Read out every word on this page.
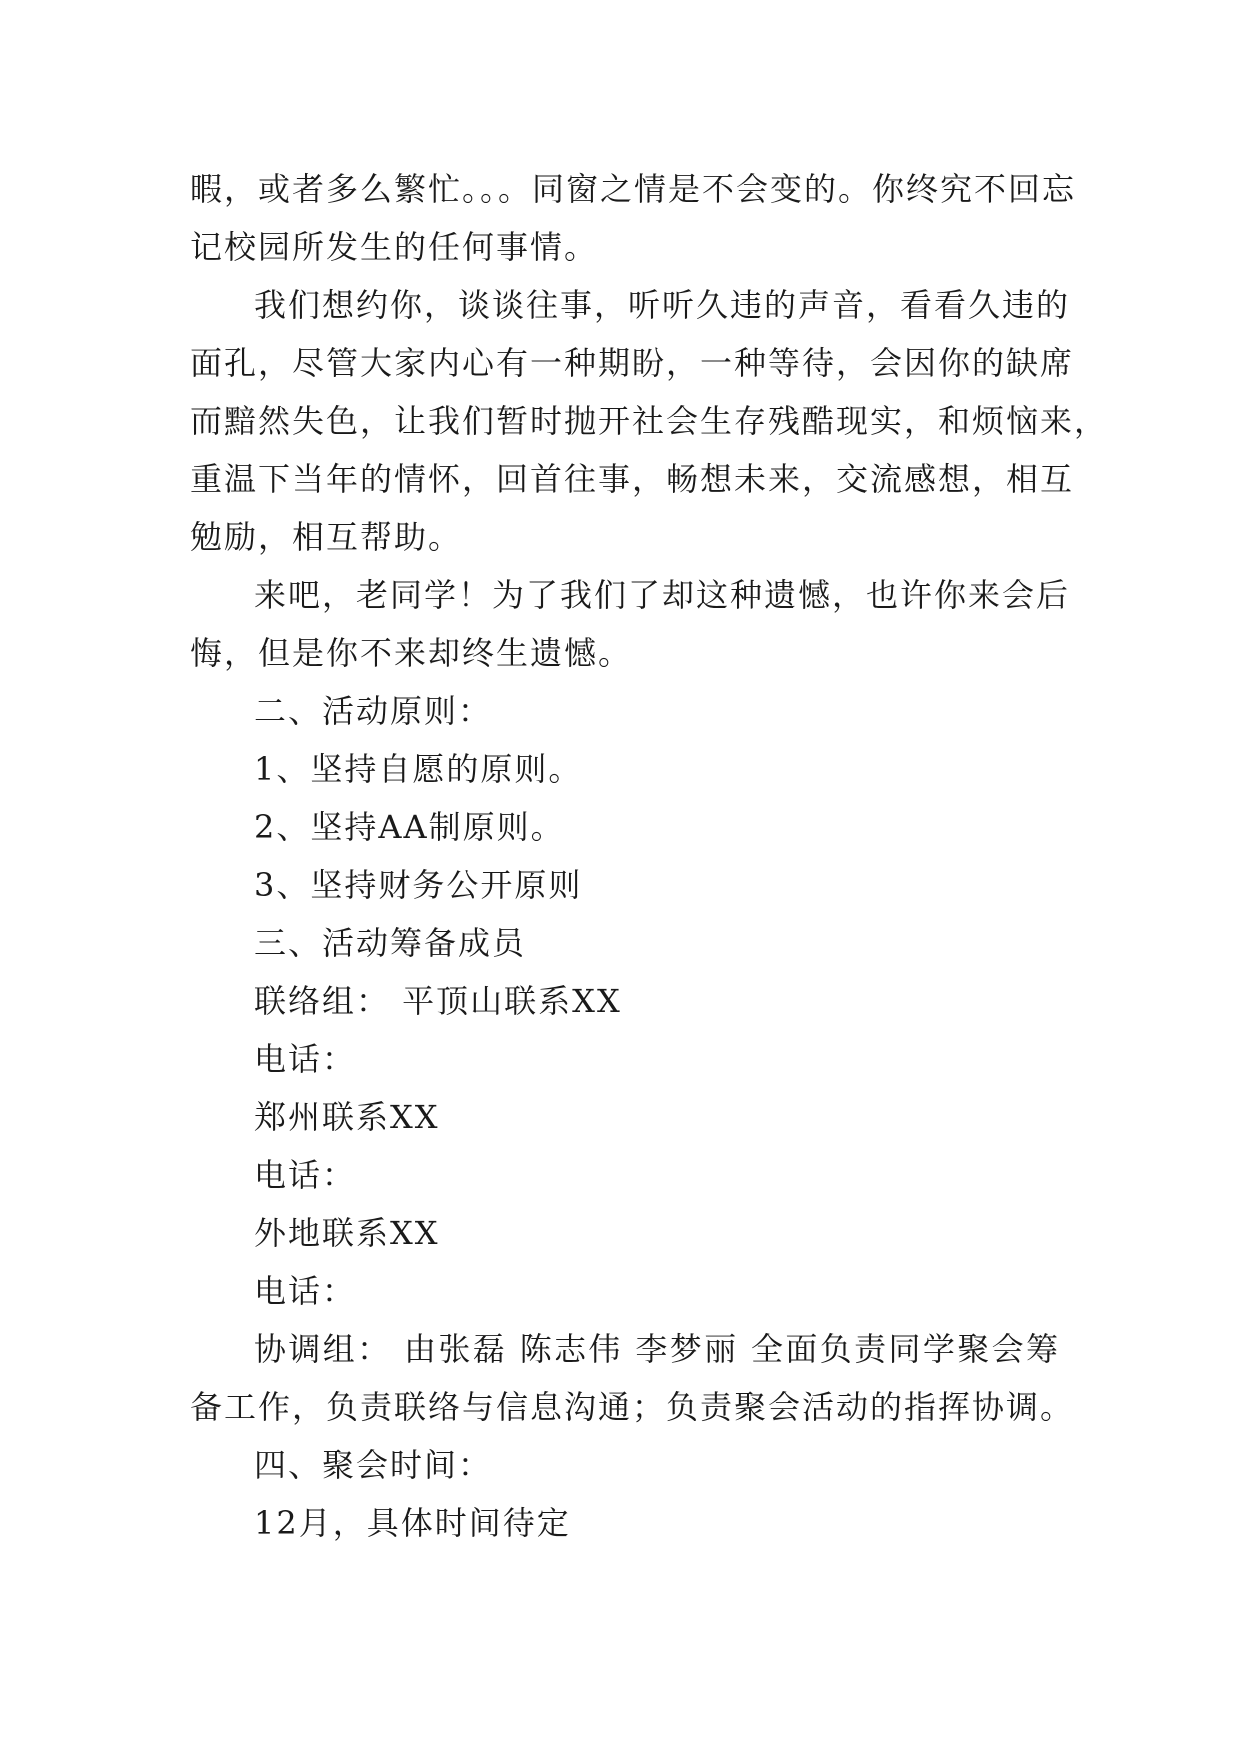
暇，或者多么繁忙。。。同窗之情是不会变的。你终究不回忘
记校园所发生的任何事情。
我们想约你，谈谈往事，听听久违的声音，看看久违的
面孔，尽管大家内心有一种期盼，一种等待，会因你的缺席
而黯然失色，让我们暂时抛开社会生存残酷现实，和烦恼来，
重温下当年的情怀，回首往事，畅想未来，交流感想，相互
勉励，相互帮助。
来吧，老同学！为了我们了却这种遗憾，也许你来会后
悔，但是你不来却终生遗憾。
二、活动原则：
1、坚持自愿的原则。
2、坚持AA制原则。
3、坚持财务公开原则
三、活动筹备成员
联络组： 平顶山联系XX
电话：
郑州联系XX
电话：
外地联系XX
电话：
协调组： 由张磊 陈志伟 李梦丽 全面负责同学聚会筹
备工作，负责联络与信息沟通；负责聚会活动的指挥协调。
四、聚会时间：
12月，具体时间待定
